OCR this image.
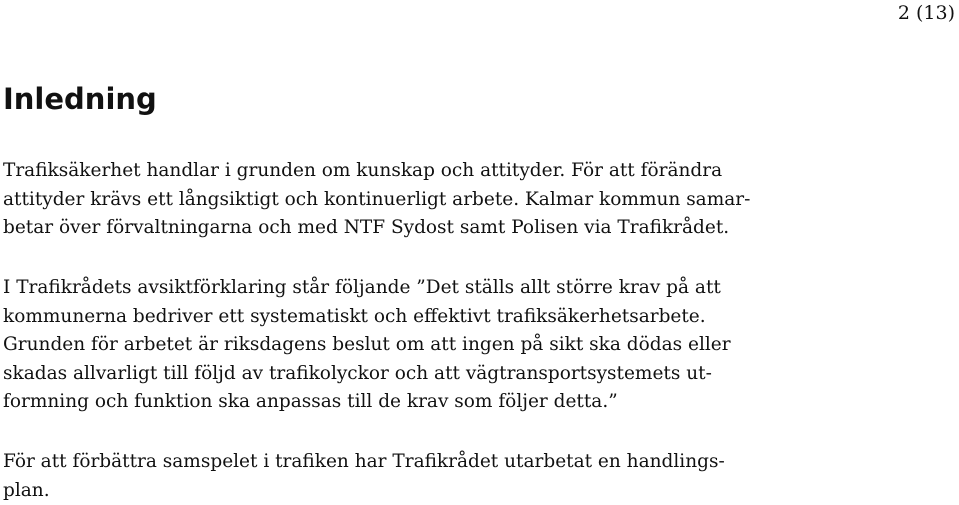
2 (13)
Inledning

Trafiksäkerhet handlar i grunden om kunskap och attityder. För att förändra
attityder krävs ett långsiktigt och kontinuerligt arbete. Kalmar kommun samar-
betar över förvaltningarna och med NTF Sydost samt Polisen via Trafikrådet.

I Trafikrådets avsiktförklaring står följande ”Det ställs allt större krav på att
kommunerna bedriver ett systematiskt och effektivt trafiksäkerhetsarbete.
Grunden för arbetet är riksdagens beslut om att ingen på sikt ska dödas eller
skadas allvarligt till följd av trafikolyckor och att vägtransportsystemets ut-
formning och funktion ska anpassas till de krav som följer detta.”

För att förbättra samspelet i trafiken har Trafikrådet utarbetat en handlings-
plan.
